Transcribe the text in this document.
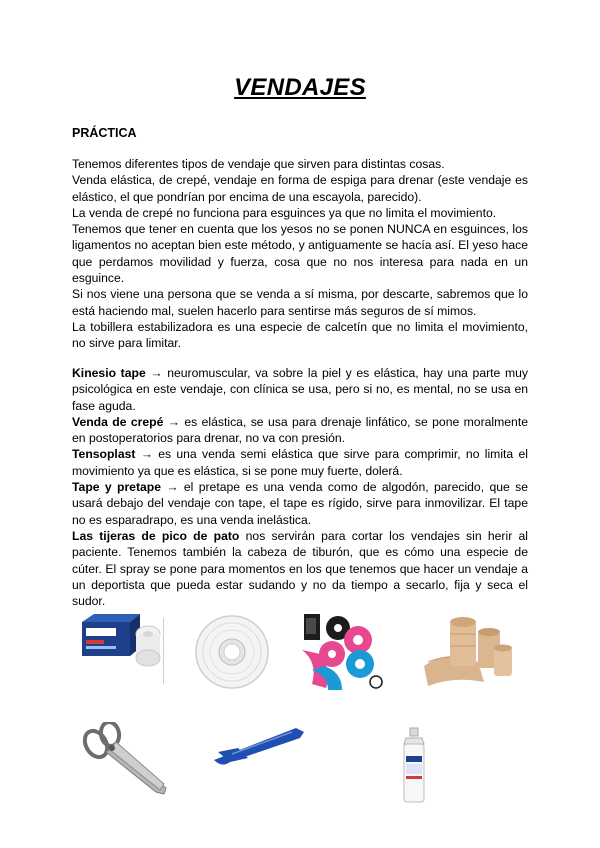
VENDAJES
PRÁCTICA

Tenemos diferentes tipos de vendaje que sirven para distintas cosas.

Venda elástica, de crepé, vendaje en forma de espiga para drenar (este vendaje es elástico, el que pondrían por encima de una escayola, parecido).

La venda de crepé no funciona para esguinces ya que no limita el movimiento.

Tenemos que tener en cuenta que los yesos no se ponen NUNCA en esguinces, los ligamentos no aceptan bien este método, y antiguamente se hacía así. El yeso hace que perdamos movilidad y fuerza, cosa que no nos interesa para nada en un esguince.

Si nos viene una persona que se venda a sí misma, por descarte, sabremos que lo está haciendo mal, suelen hacerlo para sentirse más seguros de sí mimos.

La tobillera estabilizadora es una especie de calcetín que no limita el movimiento, no sirve para limitar.

Kinesio tape → neuromuscular, va sobre la piel y es elástica, hay una parte muy psicológica en este vendaje, con clínica se usa, pero si no, es mental, no se usa en fase aguda.

Venda de crepé → es elástica, se usa para drenaje linfático, se pone moralmente en postoperatorios para drenar, no va con presión.

Tensoplast → es una venda semi elástica que sirve para comprimir, no limita el movimiento ya que es elástica, si se pone muy fuerte, dolerá.

Tape y pretape → el pretape es una venda como de algodón, parecido, que se usará debajo del vendaje con tape, el tape es rígido, sirve para inmovilizar. El tape no es esparadrapo, es una venda inelástica.

Las tijeras de pico de pato nos servirán para cortar los vendajes sin herir al paciente. Tenemos también la cabeza de tiburón, que es cómo una especie de cúter. El spray se pone para momentos en los que tenemos que hacer un vendaje a un deportista que pueda estar sudando y no da tiempo a secarlo, fija y seca el sudor.
